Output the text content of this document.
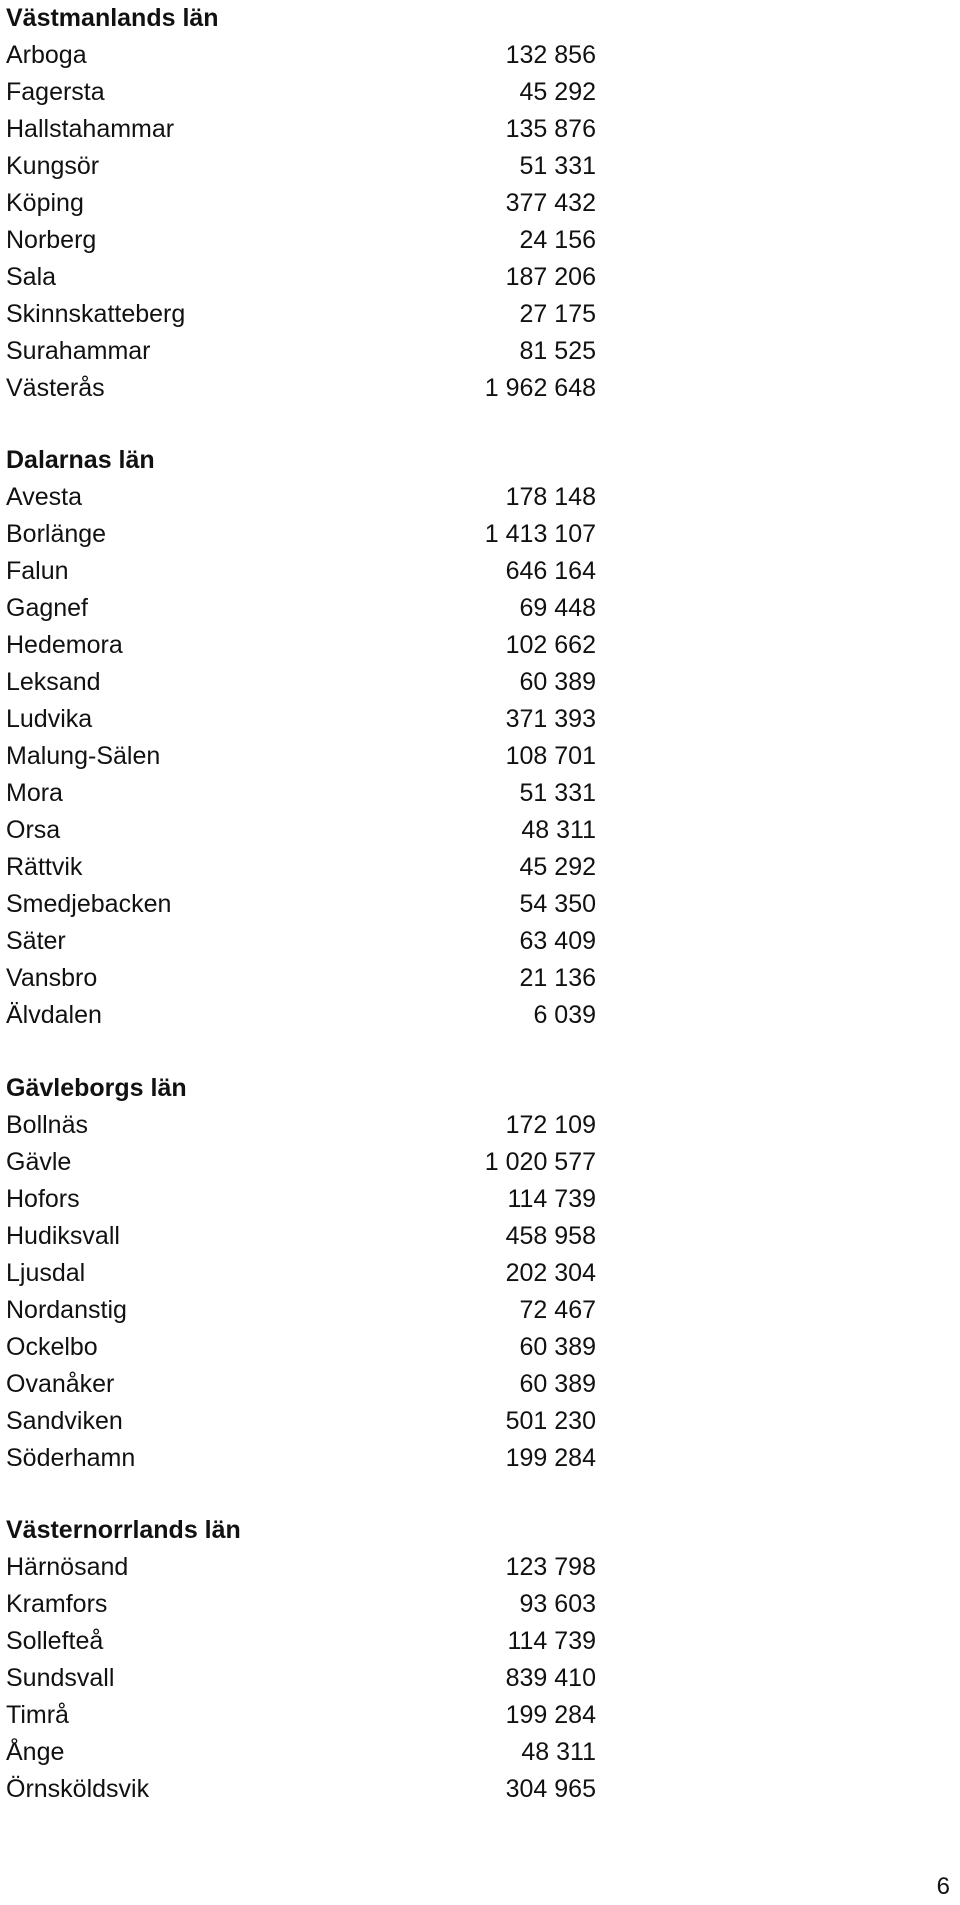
Västmanlands län
Arboga	132 856
Fagersta	45 292
Hallstahammar	135 876
Kungsör	51 331
Köping	377 432
Norberg	24 156
Sala	187 206
Skinnskatteberg	27 175
Surahammar	81 525
Västerås	1 962 648
Dalarnas län
Avesta	178 148
Borlänge	1 413 107
Falun	646 164
Gagnef	69 448
Hedemora	102 662
Leksand	60 389
Ludvika	371 393
Malung-Sälen	108 701
Mora	51 331
Orsa	48 311
Rättvik	45 292
Smedjebacken	54 350
Säter	63 409
Vansbro	21 136
Älvdalen	6 039
Gävleborgs län
Bollnäs	172 109
Gävle	1 020 577
Hofors	114 739
Hudiksvall	458 958
Ljusdal	202 304
Nordanstig	72 467
Ockelbo	60 389
Ovanåker	60 389
Sandviken	501 230
Söderhamn	199 284
Västernorrlands län
Härnösand	123 798
Kramfors	93 603
Sollefteå	114 739
Sundsvall	839 410
Timrå	199 284
Ånge	48 311
Örnsköldsvik	304 965
6
